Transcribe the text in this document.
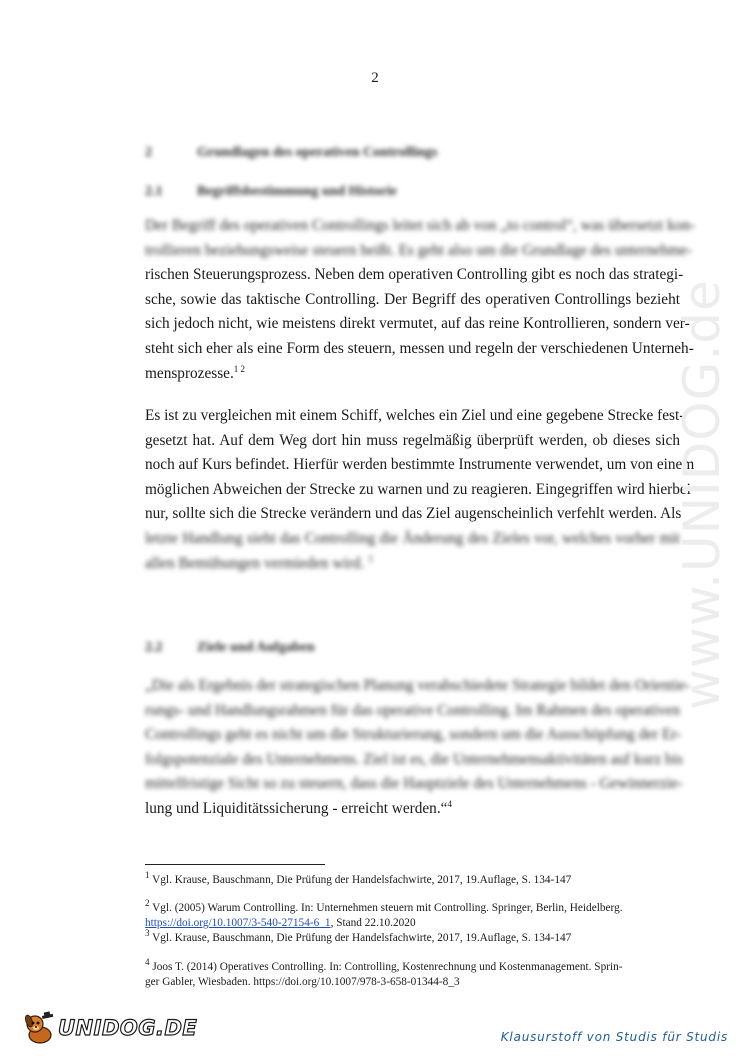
2
2	Grundlagen des operativen Controllings
2.1 Begriffsbestimmung und Historie
Der Begriff des operativen Controllings leitet sich ab von „to control“, was übersetzt kon-
trollieren beziehungsweise steuern heißt. Es geht also um die Grundlage des unternehme-
rischen Steuerungsprozess. Neben dem operativen Controlling gibt es noch das strategi-
sche, sowie das taktische Controlling. Der Begriff des operativen Controllings bezieht
sich jedoch nicht, wie meistens direkt vermutet, auf das reine Kontrollieren, sondern ver-
steht sich eher als eine Form des steuern, messen und regeln der verschiedenen Unterneh-
mensprozesse.$^{1 2}$
Es ist zu vergleichen mit einem Schiff, welches ein Ziel und eine gegebene Strecke fest-
gesetzt hat. Auf dem Weg dort hin muss regelmäßig überprüft werden, ob dieses sich
noch auf Kurs befindet. Hierfür werden bestimmte Instrumente verwendet, um von einem
möglichen Abweichen der Strecke zu warnen und zu reagieren. Eingegriffen wird hierbei
nur, sollte sich die Strecke verändern und das Ziel augenscheinlich verfehlt werden. Als
letzte Handlung sieht das Controlling die Änderung des Zieles vor, welches vorher mit
allen Bemühungen vermieden wird. $^3$
2.2 Ziele und Aufgaben
„Die als Ergebnis der strategischen Planung verabschiedete Strategie bildet den Orientie-
rungs- und Handlungsrahmen für das operative Controlling. Im Rahmen des operativen
Controllings geht es nicht um die Strukturierung, sondern um die Ausschöpfung der Er-
folgspotenziale des Unternehmens. Ziel ist es, die Unternehmensaktivitäten auf kurz bis
mittelfristige Sicht so zu steuern, dass die Hauptziele des Unternehmens - Gewinnerzie-
lung und Liquiditätssicherung - erreicht werden.“$^4$
$^1$ Vgl. Krause, Bauschmann, Die Prüfung der Handelsfachwirte, 2017, 19.Auflage, S. 134-147
$^2$ Vgl. (2005) Warum Controlling. In: Unternehmen steuern mit Controlling. Springer, Berlin, Heidelberg.
https://doi.org/10.1007/3-540-27154-6_1, Stand 22.10.2020
$^3$ Vgl. Krause, Bauschmann, Die Prüfung der Handelsfachwirte, 2017, 19.Auflage, S. 134-147
$^4$ Joos T. (2014) Operatives Controlling. In: Controlling, Kostenrechnung und Kostenmanagement. Sprin-
ger Gabler, Wiesbaden. https://doi.org/10.1007/978-3-658-01344-8_3
www.UNIDOG.de
UNIDOG.DE	Klausurstoff von Studis für Studis
